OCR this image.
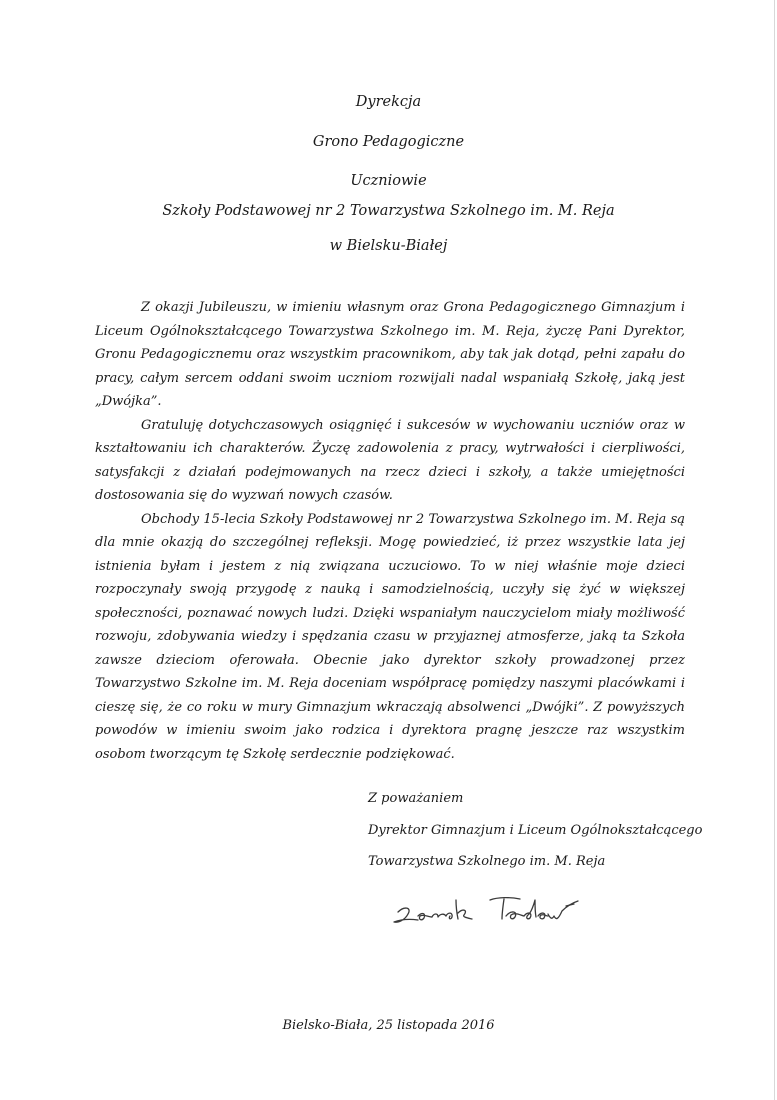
Dyrekcja
Grono Pedagogiczne
Uczniowie
Szkoły Podstawowej nr 2 Towarzystwa Szkolnego im. M. Reja
w Bielsku-Białej

Z okazji Jubileuszu, w imieniu własnym oraz Grona Pedagogicznego Gimnazjum i Liceum Ogólnokształcącego Towarzystwa Szkolnego im. M. Reja, życzę Pani Dyrektor, Gronu Pedagogicznemu oraz wszystkim pracownikom, aby tak jak dotąd, pełni zapału do pracy, całym sercem oddani swoim uczniom rozwijali nadal wspaniałą Szkołę, jaką jest „Dwójka”.

Gratuluję dotychczasowych osiągnięć i sukcesów w wychowaniu uczniów oraz w kształtowaniu ich charakterów. Życzę zadowolenia z pracy, wytrwałości i cierpliwości, satysfakcji z działań podejmowanych na rzecz dzieci i szkoły, a także umiejętności dostosowania się do wyzwań nowych czasów.

Obchody 15-lecia Szkoły Podstawowej nr 2 Towarzystwa Szkolnego im. M. Reja są dla mnie okazją do szczególnej refleksji. Mogę powiedzieć, iż przez wszystkie lata jej istnienia byłam i jestem z nią związana uczuciowo. To w niej właśnie moje dzieci rozpoczynały swoją przygodę z nauką i samodzielnością, uczyły się żyć w większej społeczności, poznawać nowych ludzi. Dzięki wspaniałym nauczycielom miały możliwość rozwoju, zdobywania wiedzy i spędzania czasu w przyjaznej atmosferze, jaką ta Szkoła zawsze dzieciom oferowała. Obecnie jako dyrektor szkoły prowadzonej przez Towarzystwo Szkolne im. M. Reja doceniam współpracę pomiędzy naszymi placówkami i cieszę się, że co roku w mury Gimnazjum wkraczają absolwenci „Dwójki”. Z powyższych powodów w imieniu swoim jako rodzica i dyrektora pragnę jeszcze raz wszystkim osobom tworzącym tę Szkołę serdecznie podziękować.

Z poważaniem
Dyrektor Gimnazjum i Liceum Ogólnokształcącego
Towarzystwa Szkolnego im. M. Reja
Bielsko-Biała, 25 listopada 2016
